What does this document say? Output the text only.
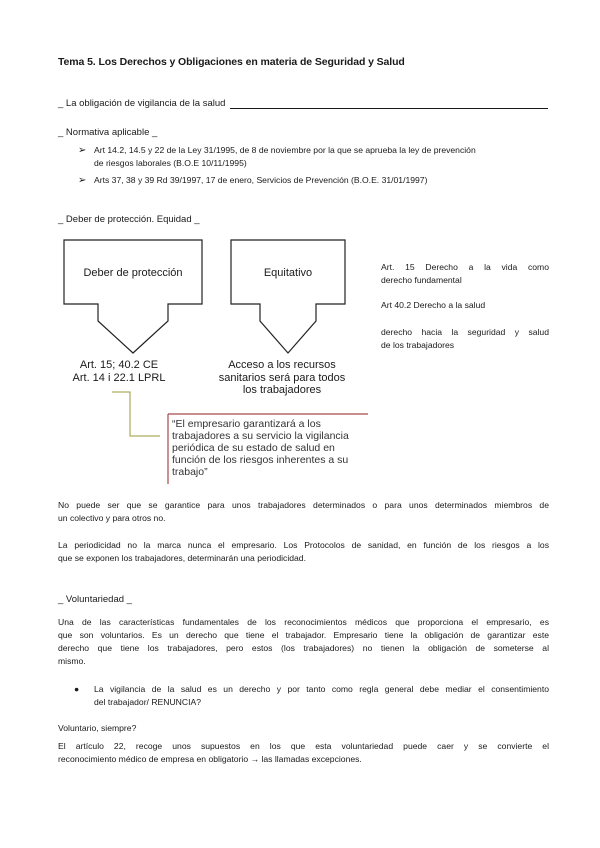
Tema 5. Los Derechos y Obligaciones en materia de Seguridad y Salud
_ La obligación de vigilancia de la salud
_ Normativa aplicable _
➢ Art 14.2, 14.5 y 22 de la Ley 31/1995, de 8 de noviembre por la que se aprueba la ley de prevención
de riesgos laborales (B.O.E 10/11/1995)
➢ Arts 37, 38 y 39 Rd 39/1997, 17 de enero, Servicios de Prevención (B.O.E. 31/01/1997)
_ Deber de protección. Equidad _
Deber de protección	Equitativo
Art. 15; 40.2 CE
Art. 14 i 22.1 LPRL
Acceso a los recursos
sanitarios será para todos
los trabajadores
“El empresario garantizará a los
trabajadores a su servicio la vigilancia
periódica de su estado de salud en
función de los riesgos inherentes a su
trabajo”
Art. 15 Derecho a la vida como
derecho fundamental
Art 40.2 Derecho a la salud
derecho hacia la seguridad y salud
de los trabajadores
No puede ser que se garantice para unos trabajadores determinados o para unos determinados miembros de
un colectivo y para otros no.
La periodicidad no la marca nunca el empresario. Los Protocolos de sanidad, en función de los riesgos a los
que se exponen los trabajadores, determinarán una periodicidad.
_ Voluntariedad _
Una de las características fundamentales de los reconocimientos médicos que proporciona el empresario, es
que son voluntarios. Es un derecho que tiene el trabajador. Empresario tiene la obligación de garantizar este
derecho que tiene los trabajadores, pero estos (los trabajadores) no tienen la obligación de someterse al
mismo.
● La vigilancia de la salud es un derecho y por tanto como regla general debe mediar el consentimiento
del trabajador/ RENUNCIA?
Voluntario, siempre?
El artículo 22, recoge unos supuestos en los que esta voluntariedad puede caer y se convierte el
reconocimiento médico de empresa en obligatorio → las llamadas excepciones.
